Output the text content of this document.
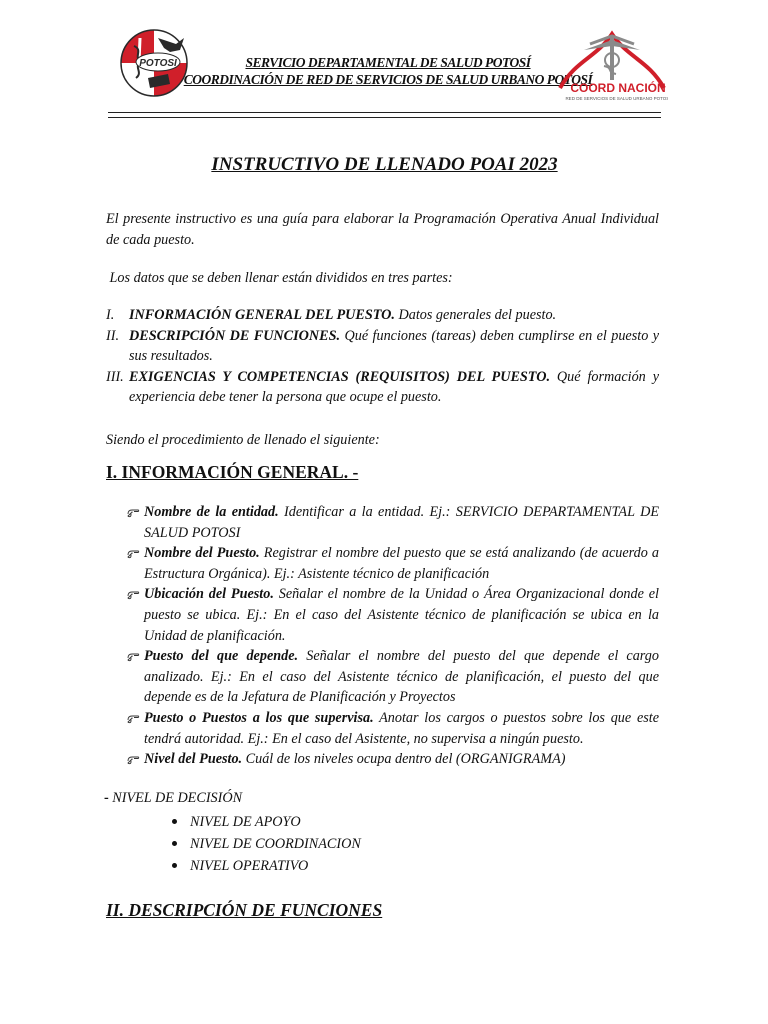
POTOSI	SERVICIO DEPARTAMENTAL DE SALUD POTOSÍ
COORDINACIÓN DE RED DE SERVICIOS DE SALUD URBANO POTOSÍ
COORD NACIÓN
RED DE SERVICIOS DE SALUD URBANO POTOSÍ
INSTRUCTIVO DE LLENADO POAI 2023
El presente instructivo es una guía para elaborar la Programación Operativa Anual Individual de cada puesto.
Los datos que se deben llenar están divididos en tres partes:
I. INFORMACIÓN GENERAL DEL PUESTO. Datos generales del puesto.
II. DESCRIPCIÓN DE FUNCIONES. Qué funciones (tareas) deben cumplirse en el puesto y sus resultados.
III. EXIGENCIAS Y COMPETENCIAS (REQUISITOS) DEL PUESTO. Qué formación y experiencia debe tener la persona que ocupe el puesto.
Siendo el procedimiento de llenado el siguiente:
I. INFORMACIÓN GENERAL. -
Nombre de la entidad. Identificar a la entidad. Ej.: SERVICIO DEPARTAMENTAL DE SALUD POTOSI
Nombre del Puesto. Registrar el nombre del puesto que se está analizando (de acuerdo a Estructura Orgánica). Ej.: Asistente técnico de planificación
Ubicación del Puesto. Señalar el nombre de la Unidad o Área Organizacional donde el puesto se ubica. Ej.: En el caso del Asistente técnico de planificación se ubica en la Unidad de planificación.
Puesto del que depende. Señalar el nombre del puesto del que depende el cargo analizado. Ej.: En el caso del Asistente técnico de planificación, el puesto del que depende es de la Jefatura de Planificación y Proyectos
Puesto o Puestos a los que supervisa. Anotar los cargos o puestos sobre los que este tendrá autoridad. Ej.: En el caso del Asistente, no supervisa a ningún puesto.
Nivel del Puesto. Cuál de los niveles ocupa dentro del (ORGANIGRAMA)
- NIVEL DE DECISIÓN
NIVEL DE APOYO
NIVEL DE COORDINACION
NIVEL OPERATIVO
II. DESCRIPCIÓN DE FUNCIONES
